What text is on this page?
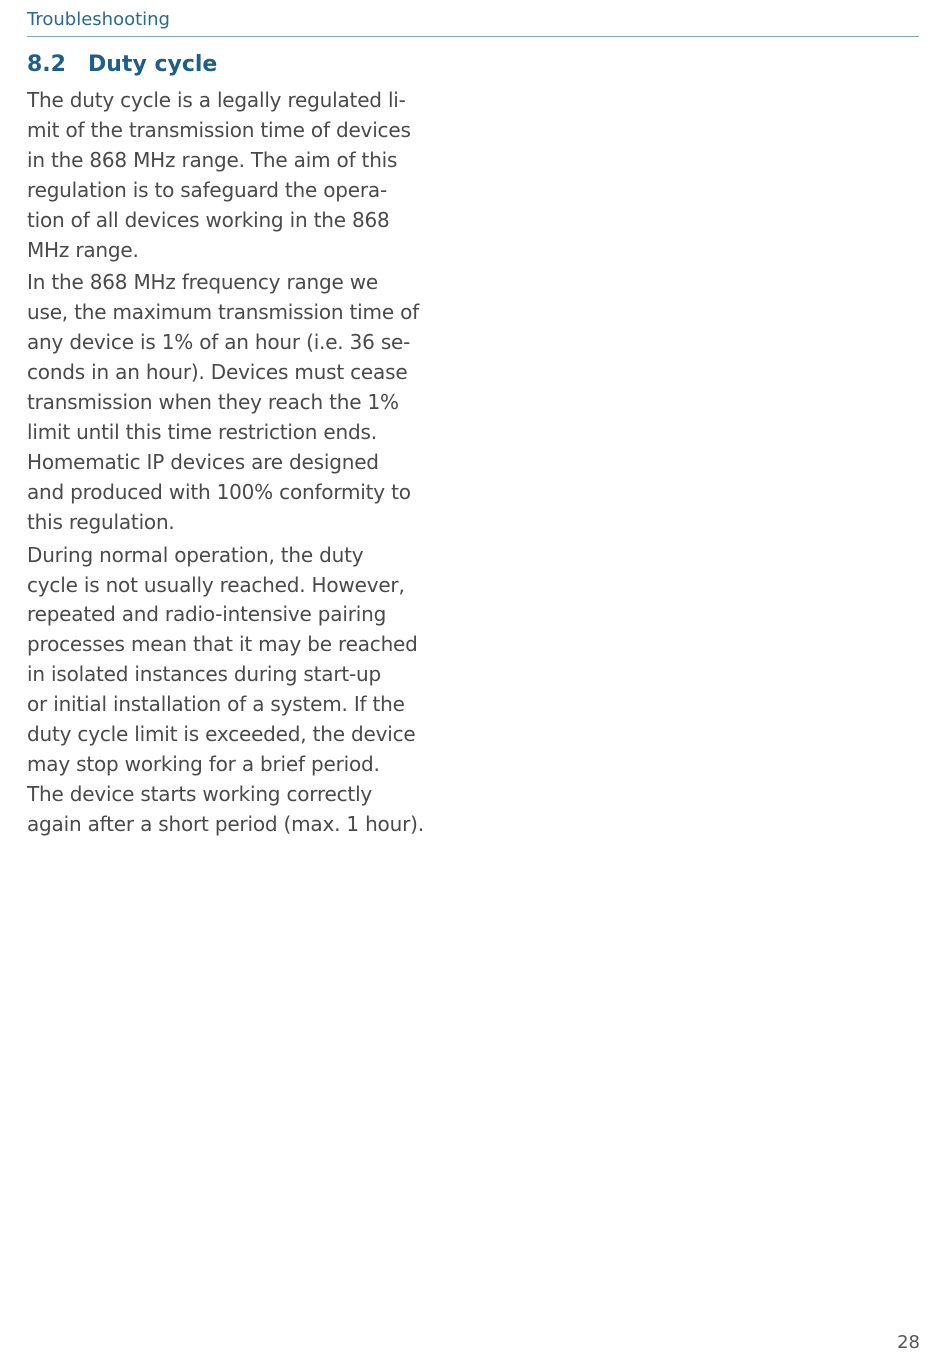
Troubleshooting
8.2 Duty cycle

The duty cycle is a legally regulated li-
mit of the transmission time of devices
in the 868 MHz range. The aim of this
regulation is to safeguard the opera-
tion of all devices working in the 868
MHz range.

In the 868 MHz frequency range we
use, the maximum transmission time of
any device is 1% of an hour (i.e. 36 se-
conds in an hour). Devices must cease
transmission when they reach the 1%
limit until this time restriction ends.
Homematic IP devices are designed
and produced with 100% conformity to
this regulation.

During normal operation, the duty
cycle is not usually reached. However,
repeated and radio-intensive pairing
processes mean that it may be reached
in isolated instances during start-up
or initial installation of a system. If the
duty cycle limit is exceeded, the device
may stop working for a brief period.
The device starts working correctly
again after a short period (max. 1 hour).

28
